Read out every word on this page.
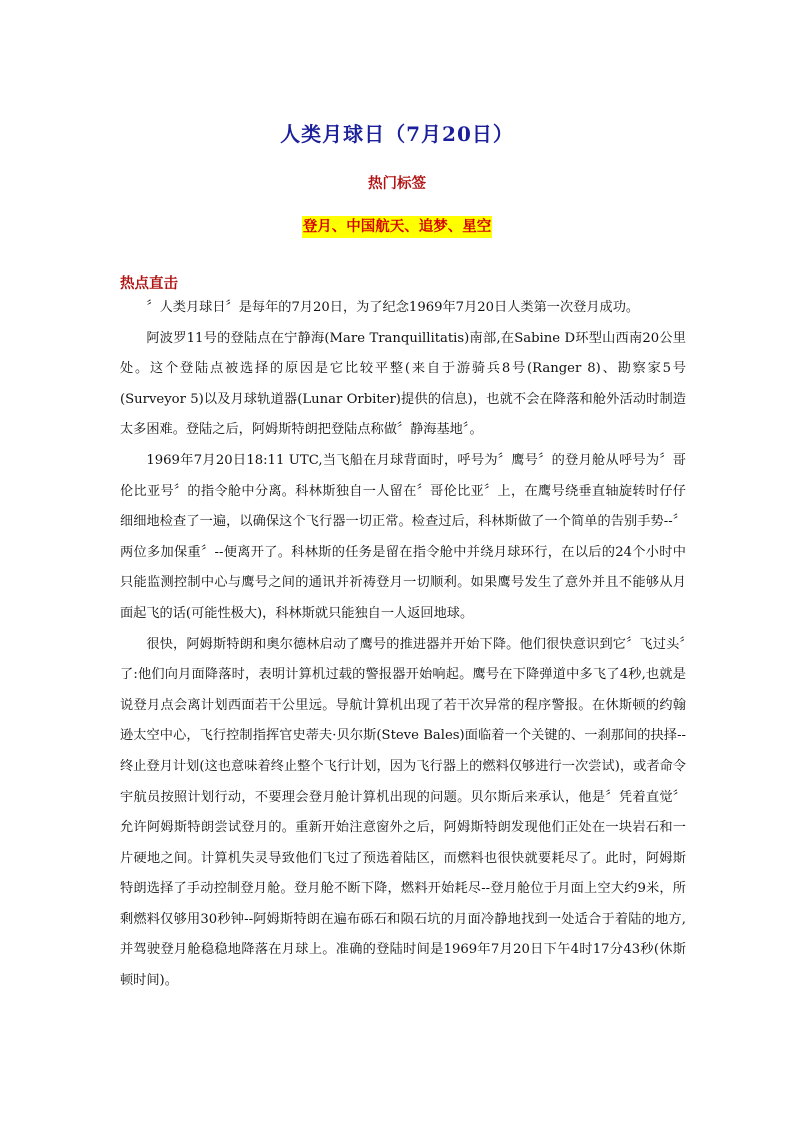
人类月球日（7月20日）
热门标签
登月、中国航天、追梦、星空
热点直击

〞人类月球日〞是每年的7月20日，为了纪念1969年7月20日人类第一次登月成功。

阿波罗11号的登陆点在宁静海(Mare Tranquillitatis)南部,在Sabine D环型山西南20公里处。这个登陆点被选择的原因是它比较平整(来自于游骑兵8号(Ranger 8)、勘察家5号(Surveyor 5)以及月球轨道器(Lunar Orbiter)提供的信息)，也就不会在降落和舱外活动时制造太多困难。登陆之后，阿姆斯特朗把登陆点称做〞静海基地〞。

1969年7月20日18:11 UTC,当飞船在月球背面时，呼号为〞鹰号〞的登月舱从呼号为〞哥伦比亚号〞的指令舱中分离。科林斯独自一人留在〞哥伦比亚〞上，在鹰号绕垂直轴旋转时仔仔细细地检查了一遍，以确保这个飞行器一切正常。检查过后，科林斯做了一个简单的告别手势--〞两位多加保重〞--便离开了。科林斯的任务是留在指令舱中并绕月球环行，在以后的24个小时中只能监测控制中心与鹰号之间的通讯并祈祷登月一切顺利。如果鹰号发生了意外并且不能够从月面起飞的话(可能性极大)，科林斯就只能独自一人返回地球。

很快，阿姆斯特朗和奥尔德林启动了鹰号的推进器并开始下降。他们很快意识到它〞飞过头〞了:他们向月面降落时，表明计算机过载的警报器开始响起。鹰号在下降弹道中多飞了4秒,也就是说登月点会离计划西面若干公里远。导航计算机出现了若干次异常的程序警报。在休斯顿的约翰逊太空中心，飞行控制指挥官史蒂夫·贝尔斯(Steve Bales)面临着一个关键的、一刹那间的抉择--终止登月计划(这也意味着终止整个飞行计划，因为飞行器上的燃料仅够进行一次尝试)，或者命令宇航员按照计划行动，不要理会登月舱计算机出现的问题。贝尔斯后来承认，他是〞凭着直觉〞允许阿姆斯特朗尝试登月的。重新开始注意窗外之后，阿姆斯特朗发现他们正处在一块岩石和一片硬地之间。计算机失灵导致他们飞过了预选着陆区，而燃料也很快就要耗尽了。此时，阿姆斯特朗选择了手动控制登月舱。登月舱不断下降，燃料开始耗尽--登月舱位于月面上空大约9米，所剩燃料仅够用30秒钟--阿姆斯特朗在遍布砾石和陨石坑的月面冷静地找到一处适合于着陆的地方,并驾驶登月舱稳稳地降落在月球上。准确的登陆时间是1969年7月20日下午4时17分43秒(休斯顿时间)。
